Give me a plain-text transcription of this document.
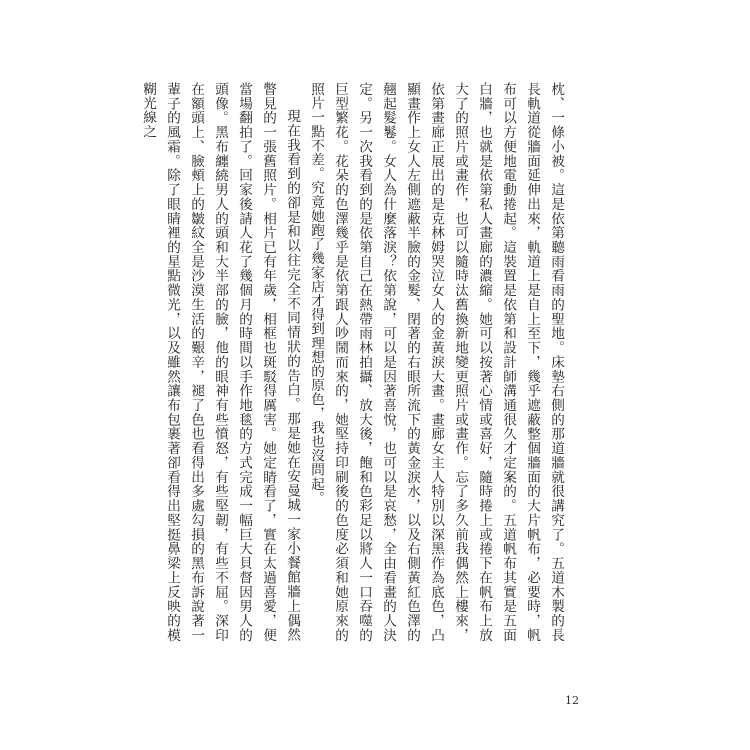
枕、一條小被。這是依第聽雨看雨的聖地。床墊右側的那道牆就很講究了。五道木製的長長軌道從牆面延伸出來，軌道上是自上至下，幾乎遮蔽整個牆面的大片帆布，必要時，帆布可以方便地電動捲起。這裝置是依第和設計師溝通很久才定案的。五道帆布其實是五面白牆，也就是依第私人畫廊的濃縮。她可以按著心情或喜好，隨時捲上或捲下在帆布上放大了的照片或畫作，也可以隨時汰舊換新地變更照片或畫作。忘了多久前我偶然上樓來，依第畫廊正展出的是克林姆哭泣女人的金黃淚大畫。畫廊女主人特別以深黑作為底色，凸顯畫作上女人左側遮蔽半臉的金髮、閉著的右眼所流下的黃金淚水，以及右側黃紅色澤的翹起髮鬈。女人為什麼落淚？依第說，可以是因著喜悅，也可以是哀愁，全由看畫的人決定。另一次我看到的是依第自己在熱帶雨林拍攝、放大後，飽和色彩足以將人一口吞噬的巨型繁花。花朵的色澤幾乎是依第跟人吵鬧而來的，她堅持印刷後的色度必須和她原來的照片一點不差。究竟她跑了幾家店才得到理想的原色，我也沒問起。

現在我看到的卻是和以往完全不同情狀的告白。那是她在安曼城一家小餐館牆上偶然瞥見的一張舊照片。相片已有年歲，相框也斑駁得厲害。她定睛看了，實在太過喜愛，便當場翻拍了。回家後請人花了幾個月的時間以手作地毯的方式完成一幅巨大貝督因男人的頭像。黑布纏繞男人的頭和大半部的臉，他的眼神有些憤怒，有些堅韌，有些不屈。深印在額頭上、臉頰上的皺紋全是沙漠生活的艱辛，褪了色也看得出多處勾損的黑布訴說著一輩子的風霜。除了眼睛裡的星點微光，以及雖然讓布包裹著卻看得出堅挺鼻梁上反映的模糊光線之

12
